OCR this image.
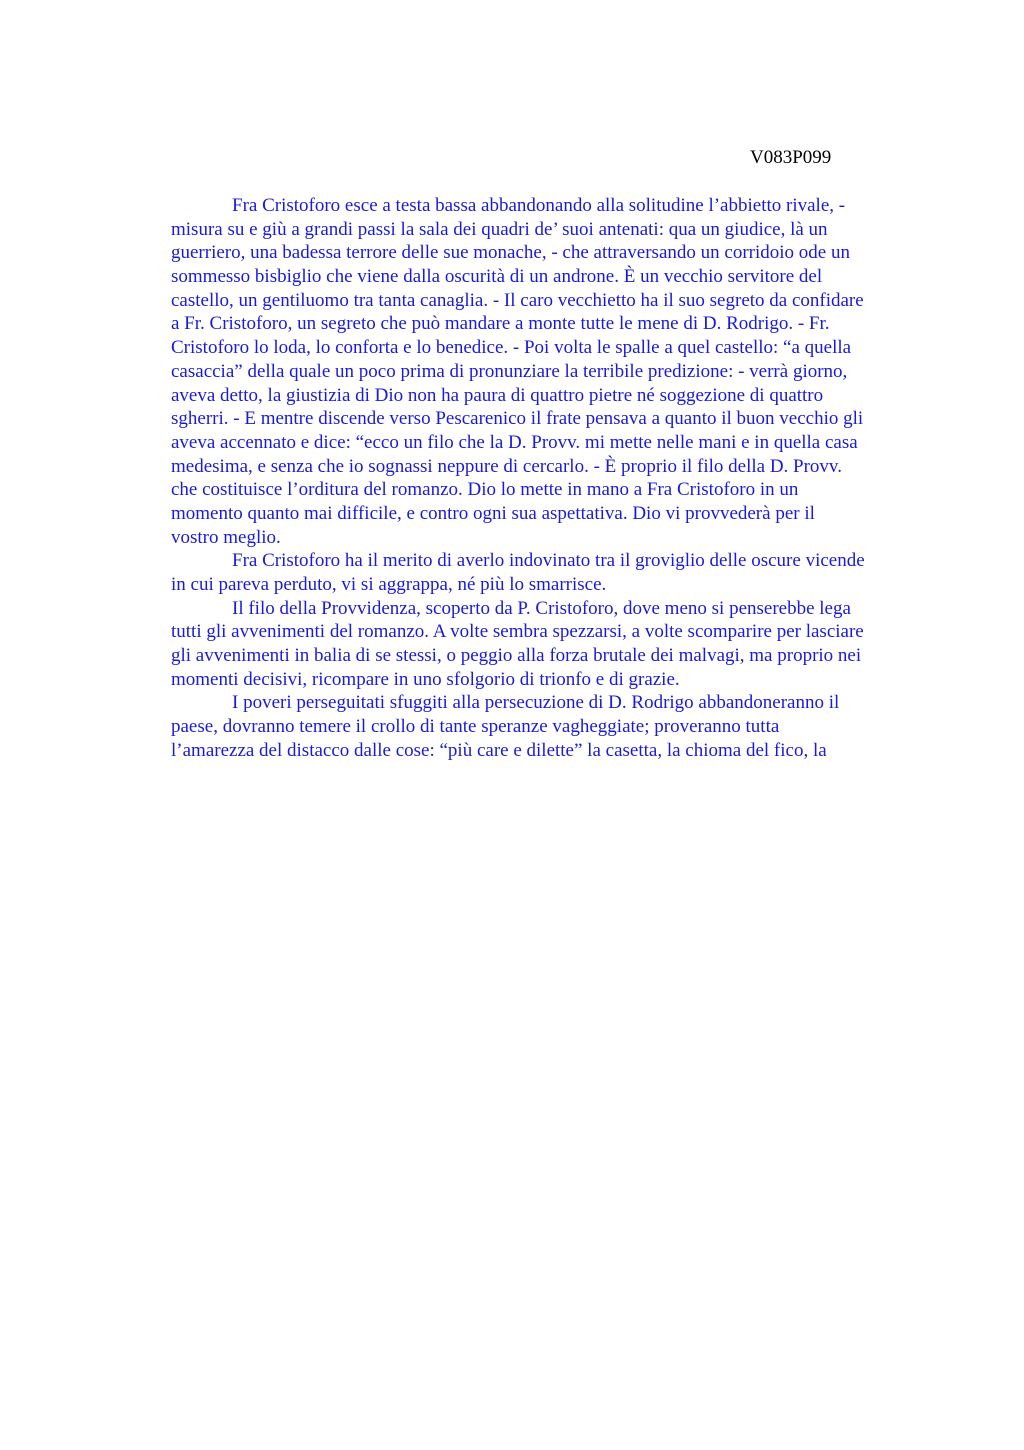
V083P099
Fra Cristoforo esce a testa bassa abbandonando alla solitudine l’abbietto rivale, -
misura su e giù a grandi passi la sala dei quadri de’ suoi antenati: qua un giudice, là un
guerriero, una badessa terrore delle sue monache, - che attraversando un corridoio ode un
sommesso bisbiglio che viene dalla oscurità di un androne. È un vecchio servitore del
castello, un gentiluomo tra tanta canaglia. - Il caro vecchietto ha il suo segreto da confidare
a Fr. Cristoforo, un segreto che può mandare a monte tutte le mene di D. Rodrigo. - Fr.
Cristoforo lo loda, lo conforta e lo benedice. - Poi volta le spalle a quel castello: “a quella
casaccia” della quale un poco prima di pronunziare la terribile predizione: - verrà giorno,
aveva detto, la giustizia di Dio non ha paura di quattro pietre né soggezione di quattro
sgherri. - E mentre discende verso Pescarenico il frate pensava a quanto il buon vecchio gli
aveva accennato e dice: “ecco un filo che la D. Provv. mi mette nelle mani e in quella casa
medesima, e senza che io sognassi neppure di cercarlo. - È proprio il filo della D. Provv.
che costituisce l’orditura del romanzo. Dio lo mette in mano a Fra Cristoforo in un
momento quanto mai difficile, e contro ogni sua aspettativa. Dio vi provvederà per il
vostro meglio.
Fra Cristoforo ha il merito di averlo indovinato tra il groviglio delle oscure vicende
in cui pareva perduto, vi si aggrappa, né più lo smarrisce.
Il filo della Provvidenza, scoperto da P. Cristoforo, dove meno si penserebbe lega
tutti gli avvenimenti del romanzo. A volte sembra spezzarsi, a volte scomparire per lasciare
gli avvenimenti in balia di se stessi, o peggio alla forza brutale dei malvagi, ma proprio nei
momenti decisivi, ricompare in uno sfolgorio di trionfo e di grazie.
I poveri perseguitati sfuggiti alla persecuzione di D. Rodrigo abbandoneranno il
paese, dovranno temere il crollo di tante speranze vagheggiate; proveranno tutta
l’amarezza del distacco dalle cose: “più care e dilette” la casetta, la chioma del fico, la
